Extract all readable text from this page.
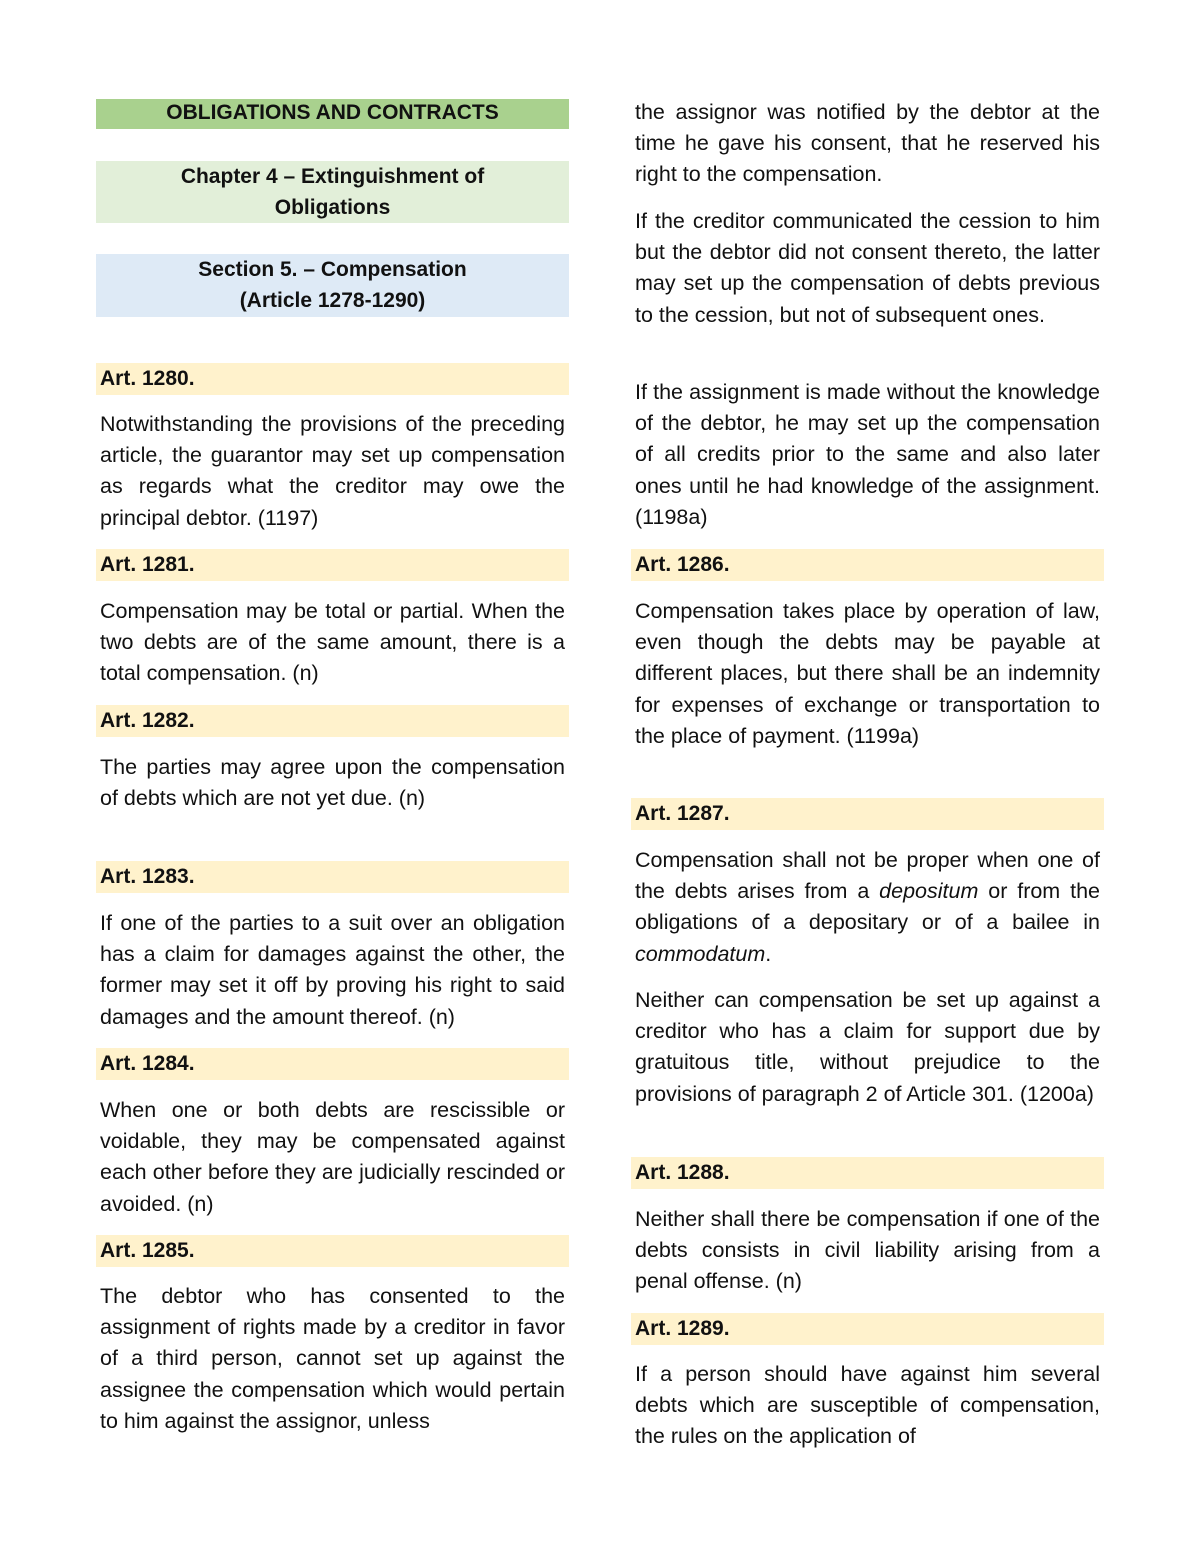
OBLIGATIONS AND CONTRACTS
Chapter 4 – Extinguishment of
Obligations
Section 5. – Compensation
(Article 1278-1290)
Art. 1280.

Notwithstanding the provisions of the preceding article, the guarantor may set up compensation as regards what the creditor may owe the principal debtor. (1197)

Art. 1281.

Compensation may be total or partial. When the two debts are of the same amount, there is a total compensation. (n)

Art. 1282.

The parties may agree upon the compensation of debts which are not yet due. (n)

Art. 1283.

If one of the parties to a suit over an obligation has a claim for damages against the other, the former may set it off by proving his right to said damages and the amount thereof. (n)

Art. 1284.

When one or both debts are rescissible or voidable, they may be compensated against each other before they are judicially rescinded or avoided. (n)

Art. 1285.

The debtor who has consented to the assignment of rights made by a creditor in favor of a third person, cannot set up against the assignee the compensation which would pertain to him against the assignor, unless

the assignor was notified by the debtor at the time he gave his consent, that he reserved his right to the compensation.

If the creditor communicated the cession to him but the debtor did not consent thereto, the latter may set up the compensation of debts previous to the cession, but not of subsequent ones.

If the assignment is made without the knowledge of the debtor, he may set up the compensation of all credits prior to the same and also later ones until he had knowledge of the assignment. (1198a)

Art. 1286.

Compensation takes place by operation of law, even though the debts may be payable at different places, but there shall be an indemnity for expenses of exchange or transportation to the place of payment. (1199a)

Art. 1287.

Compensation shall not be proper when one of the debts arises from a depositum or from the obligations of a depositary or of a bailee in commodatum.

Neither can compensation be set up against a creditor who has a claim for support due by gratuitous title, without prejudice to the provisions of paragraph 2 of Article 301. (1200a)

Art. 1288.

Neither shall there be compensation if one of the debts consists in civil liability arising from a penal offense. (n)

Art. 1289.

If a person should have against him several debts which are susceptible of compensation, the rules on the application of
